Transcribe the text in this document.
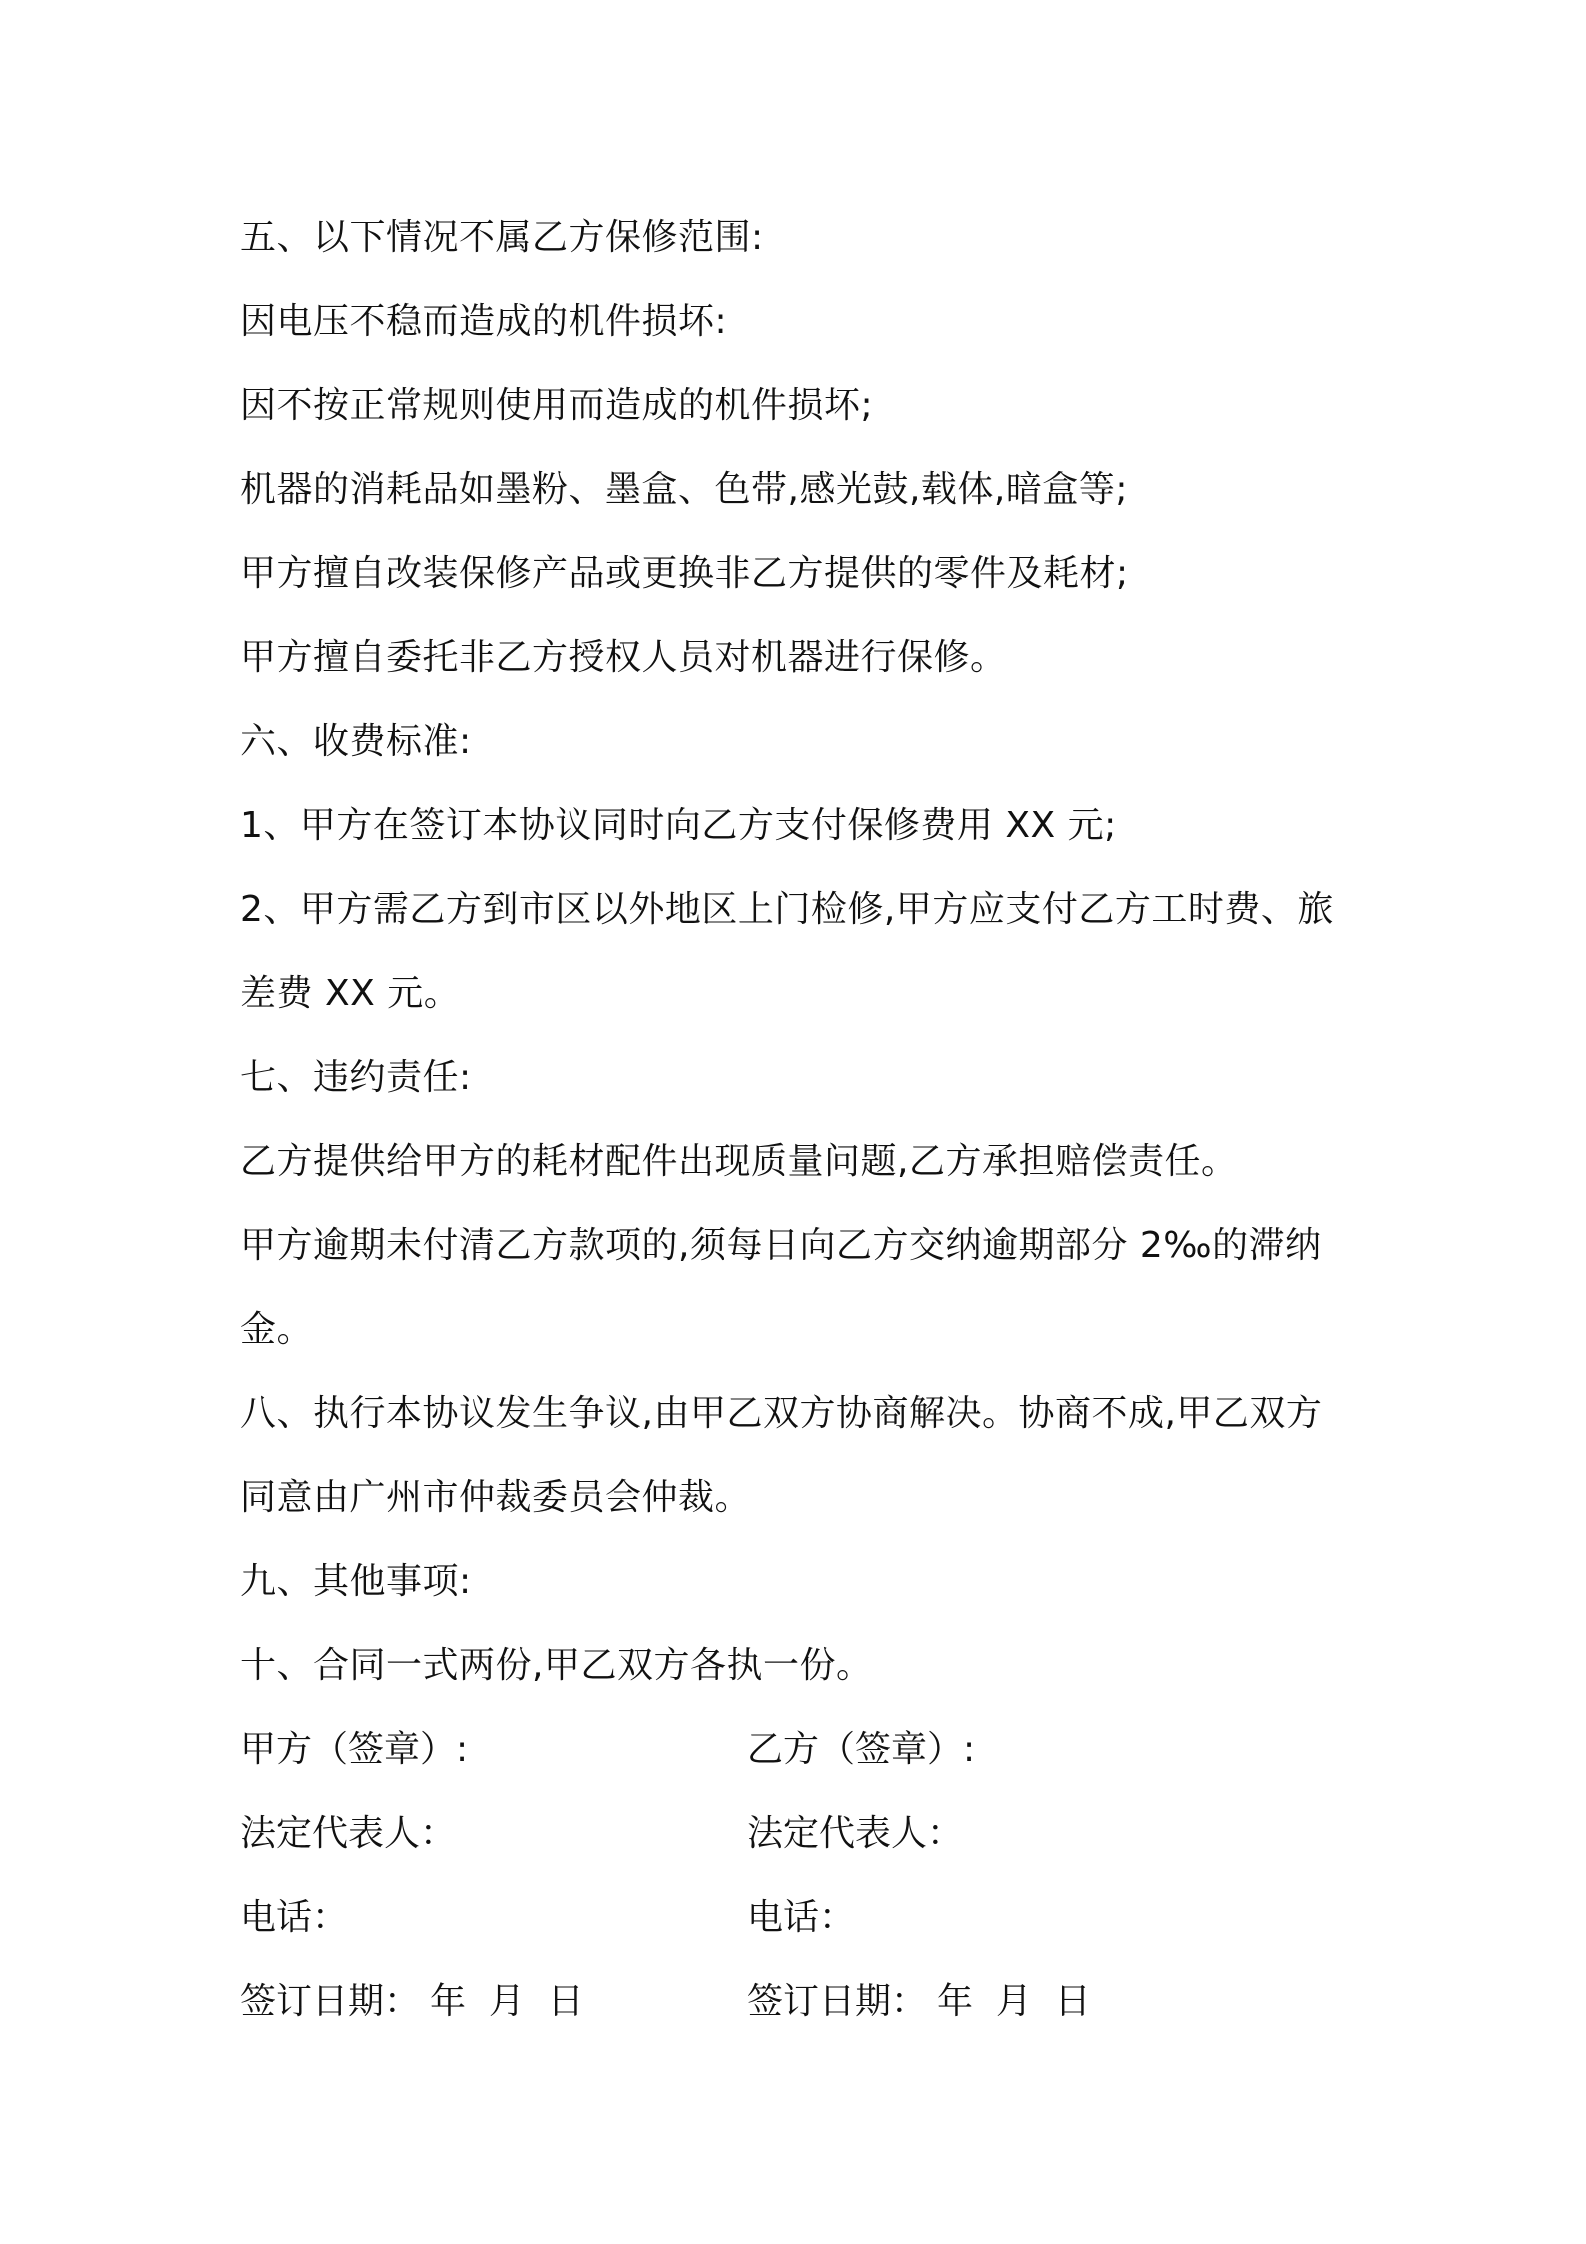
五、以下情况不属乙方保修范围:
因电压不稳而造成的机件损坏:
因不按正常规则使用而造成的机件损坏;
机器的消耗品如墨粉、墨盒、色带,感光鼓,载体,暗盒等;
甲方擅自改装保修产品或更换非乙方提供的零件及耗材;
甲方擅自委托非乙方授权人员对机器进行保修。
六、收费标准:
1、甲方在签订本协议同时向乙方支付保修费用 XX 元;
2、甲方需乙方到市区以外地区上门检修,甲方应支付乙方工时费、旅
差费 XX 元。
七、违约责任:
乙方提供给甲方的耗材配件出现质量问题,乙方承担赔偿责任。
甲方逾期未付清乙方款项的,须每日向乙方交纳逾期部分 2‰的滞纳
金。
八、执行本协议发生争议,由甲乙双方协商解决。协商不成,甲乙双方
同意由广州市仲裁委员会仲裁。
九、其他事项:
十、合同一式两份,甲乙双方各执一份。
甲方（签章）:	乙方（签章）:
法定代表人：	法定代表人：
电话：	电话：
签订日期： 年  月  日	签订日期： 年  月  日
